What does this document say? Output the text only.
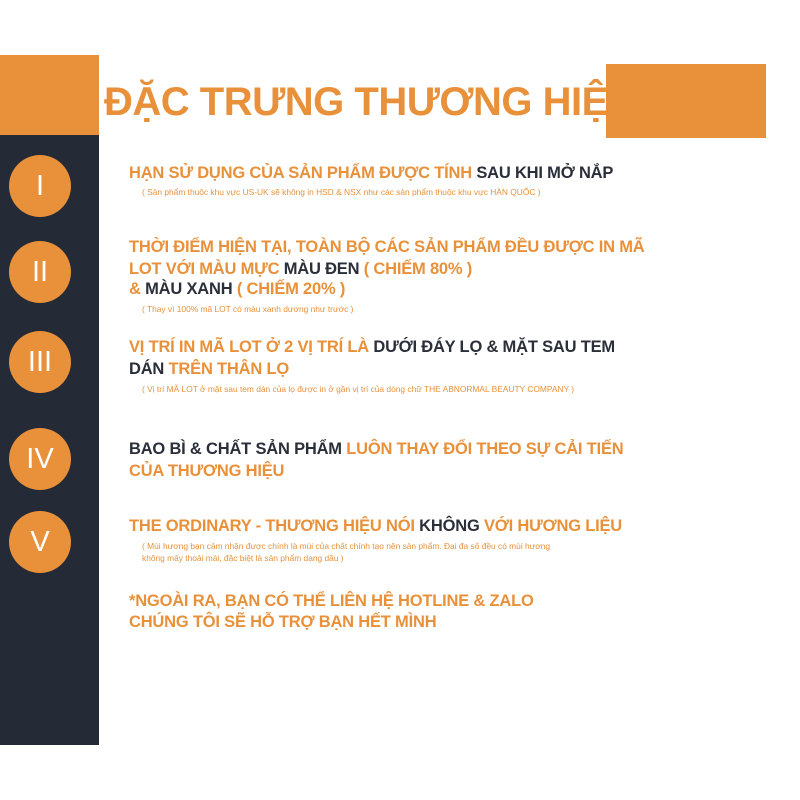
ĐẶC TRƯNG THƯƠNG HIỆU
I
II
III
IV
V
HẠN SỬ DỤNG CỦA SẢN PHẨM ĐƯỢC TÍNH SAU KHI MỞ NẮP
( Sản phẩm thuộc khu vực US-UK sẽ không in HSD & NSX như các sản phẩm thuộc khu vực HÀN QUỐC )
THỜI ĐIỂM HIỆN TẠI, TOÀN BỘ CÁC SẢN PHẨM ĐỀU ĐƯỢC IN MÃ
LOT VỚI MÀU MỰC MÀU ĐEN ( CHIẾM 80% )
& MÀU XANH ( CHIẾM 20% )
( Thay vì 100% mã LOT có màu xanh dương như trước )
VỊ TRÍ IN MÃ LOT Ở 2 VỊ TRÍ LÀ DƯỚI ĐÁY LỌ & MẶT SAU TEM
DÁN TRÊN THÂN LỌ
( Vị trí MÃ LOT ở mặt sau tem dán của lọ được in ở gần vị trí của dòng chữ THE ABNORMAL BEAUTY COMPANY )
BAO BÌ & CHẤT SẢN PHẨM LUÔN THAY ĐỔI THEO SỰ CẢI TIẾN
CỦA THƯƠNG HIỆU
THE ORDINARY - THƯƠNG HIỆU NÓI KHÔNG VỚI HƯƠNG LIỆU
( Mùi hương bạn cảm nhận được chính là mùi của chất chính tạo nên sản phẩm. Đại đa số đều có mùi hương
không mấy thoải mái, đặc biệt là sản phẩm dạng dầu )
*NGOÀI RA, BẠN CÓ THỂ LIÊN HỆ HOTLINE & ZALO
CHÚNG TÔI SẼ HỖ TRỢ BẠN HẾT MÌNH
